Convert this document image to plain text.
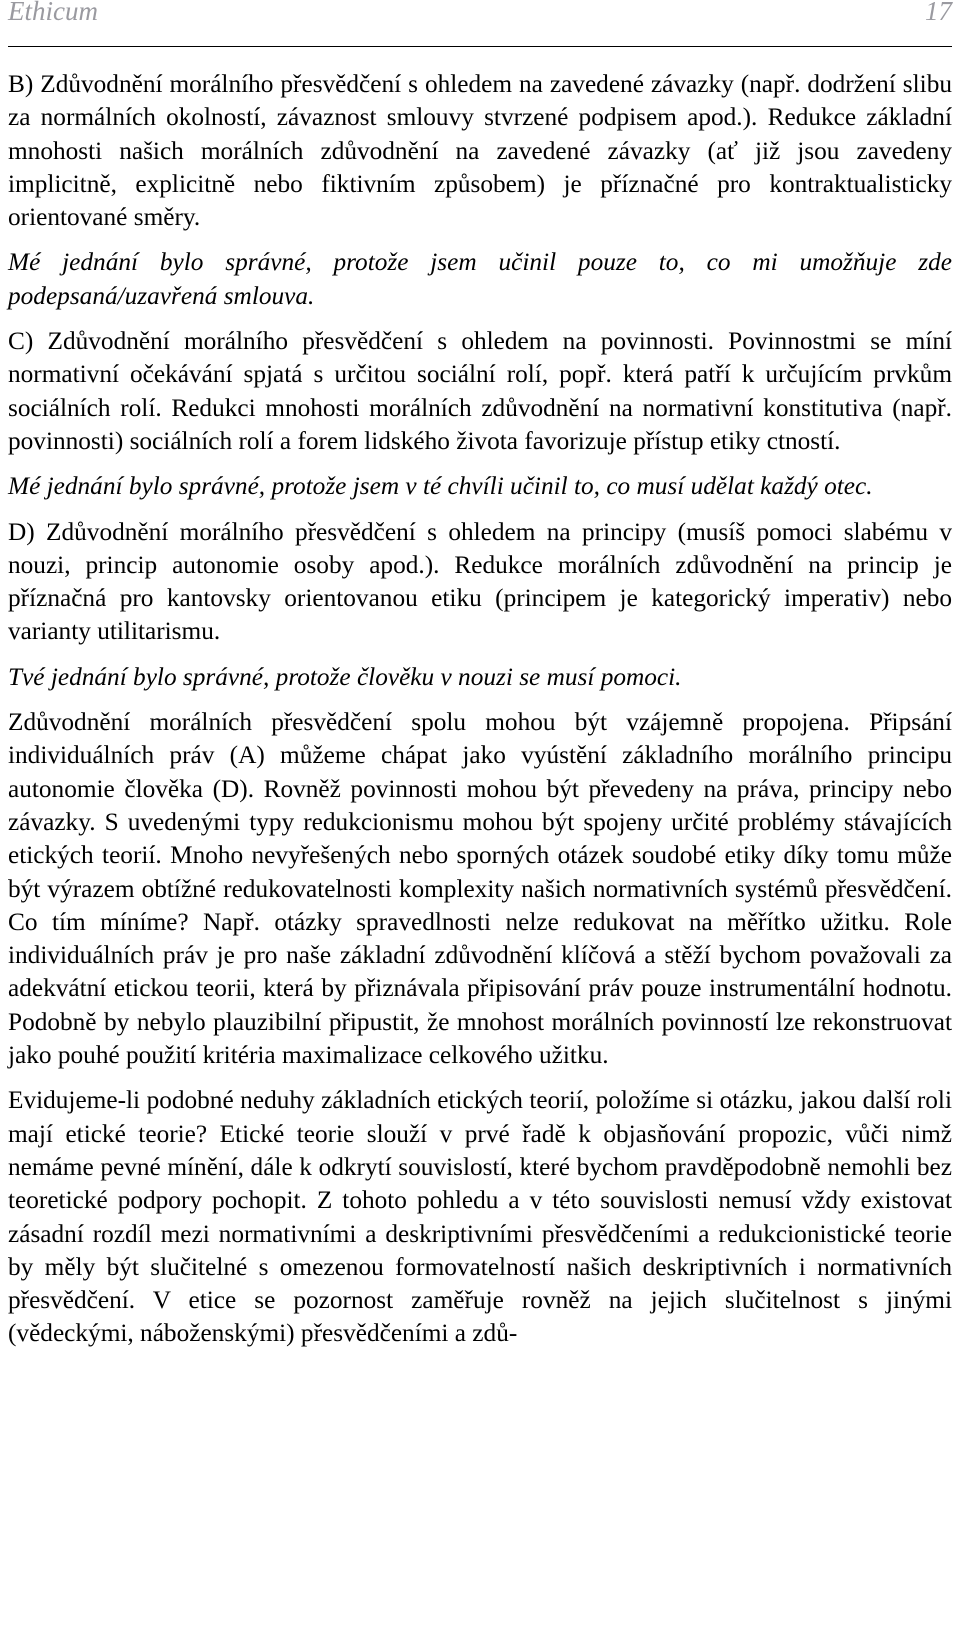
Ethicum	17

B) Zdůvodnění morálního přesvědčení s ohledem na zavedené závazky (např. dodržení slibu za normálních okolností, závaznost smlouvy stvrzené podpisem apod.). Redukce základní mnohosti našich morálních zdůvodnění na zavedené závazky (ať již jsou zavedeny implicitně, explicitně nebo fiktivním způsobem) je příznačné pro kontraktualisticky orientované směry.

Mé jednání bylo správné, protože jsem učinil pouze to, co mi umožňuje zde podepsaná/uzavřená smlouva.

C) Zdůvodnění morálního přesvědčení s ohledem na povinnosti. Povinnostmi se míní normativní očekávání spjatá s určitou sociální rolí, popř. která patří k určujícím prvkům sociálních rolí. Redukci mnohosti morálních zdůvodnění na normativní konstitutiva (např. povinnosti) sociálních rolí a forem lidského života favorizuje přístup etiky ctností.

Mé jednání bylo správné, protože jsem v té chvíli učinil to, co musí udělat každý otec.

D) Zdůvodnění morálního přesvědčení s ohledem na principy (musíš pomoci slabému v nouzi, princip autonomie osoby apod.). Redukce morálních zdůvodnění na princip je příznačná pro kantovsky orientovanou etiku (principem je kategorický imperativ) nebo varianty utilitarismu.

Tvé jednání bylo správné, protože člověku v nouzi se musí pomoci.

Zdůvodnění morálních přesvědčení spolu mohou být vzájemně propojena. Připsání individuálních práv (A) můžeme chápat jako vyústění základního morálního principu autonomie člověka (D). Rovněž povinnosti mohou být převedeny na práva, principy nebo závazky. S uvedenými typy redukcionismu mohou být spojeny určité problémy stávajících etických teorií. Mnoho nevyřešených nebo sporných otázek soudobé etiky díky tomu může být výrazem obtížné redukovatelnosti komplexity našich normativních systémů přesvědčení. Co tím míníme? Např. otázky spravedlnosti nelze redukovat na měřítko užitku. Role individuálních práv je pro naše základní zdůvodnění klíčová a stěží bychom považovali za adekvátní etickou teorii, která by přiznávala připisování práv pouze instrumentální hodnotu. Podobně by nebylo plauzibilní připustit, že mnohost morálních povinností lze rekonstruovat jako pouhé použití kritéria maximalizace celkového užitku.

Evidujeme-li podobné neduhy základních etických teorií, položíme si otázku, jakou další roli mají etické teorie? Etické teorie slouží v prvé řadě k objasňování propozic, vůči nimž nemáme pevné mínění, dále k odkrytí souvislostí, které bychom pravděpodobně nemohli bez teoretické podpory pochopit. Z tohoto pohledu a v této souvislosti nemusí vždy existovat zásadní rozdíl mezi normativními a deskriptivními přesvědčeními a redukcionistické teorie by měly být slučitelné s omezenou formovatelností našich deskriptivních i normativních přesvědčení. V etice se pozornost zaměřuje rovněž na jejich slučitelnost s jinými (vědeckými, náboženskými) přesvědčeními a zdů-
